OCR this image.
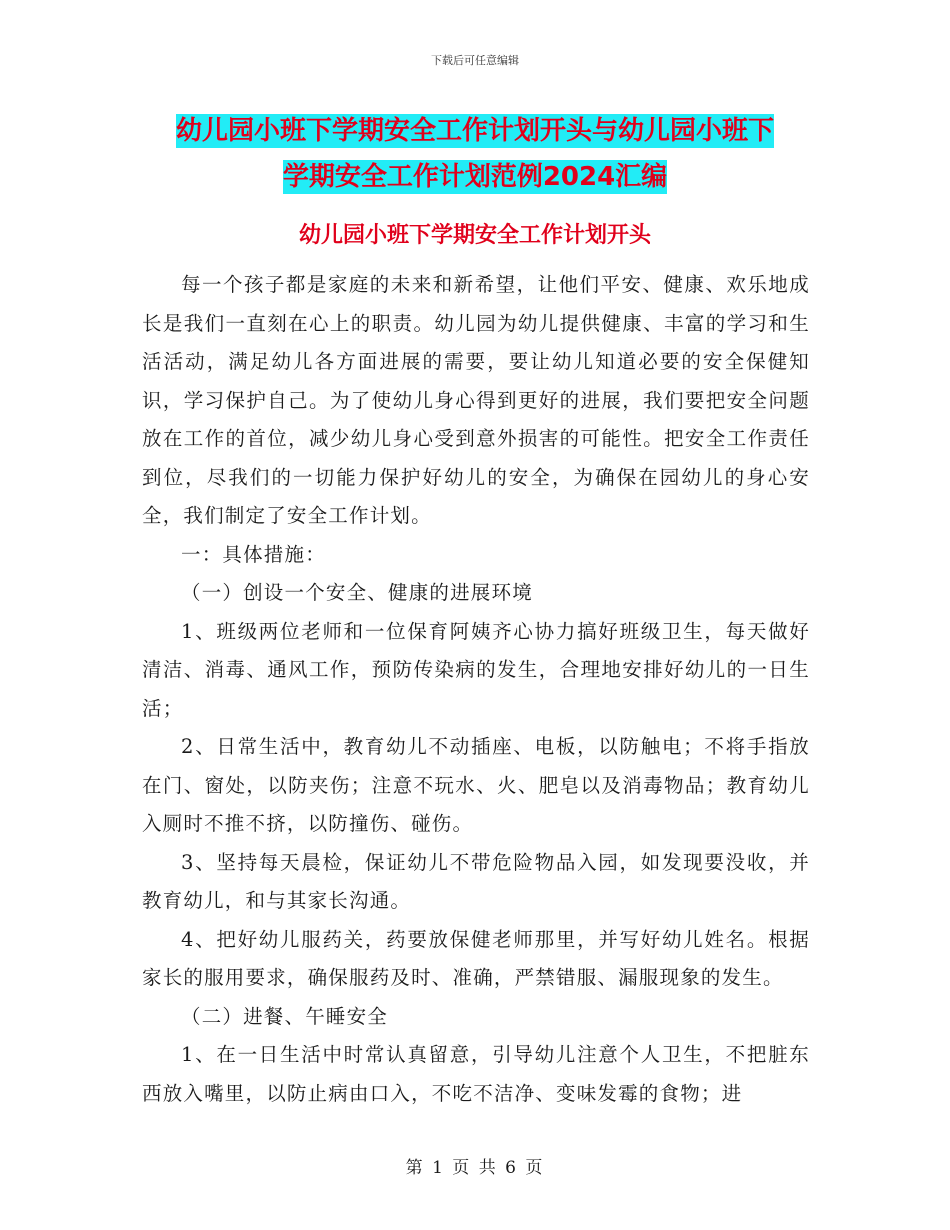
下载后可任意编辑
幼儿园小班下学期安全工作计划开头与幼儿园小班下
学期安全工作计划范例2024汇编
幼儿园小班下学期安全工作计划开头

每一个孩子都是家庭的未来和新希望，让他们平安、健康、欢乐地成长是我们一直刻在心上的职责。幼儿园为幼儿提供健康、丰富的学习和生活活动，满足幼儿各方面进展的需要，要让幼儿知道必要的安全保健知识，学习保护自己。为了使幼儿身心得到更好的进展，我们要把安全问题放在工作的首位，减少幼儿身心受到意外损害的可能性。把安全工作责任到位，尽我们的一切能力保护好幼儿的安全，为确保在园幼儿的身心安全，我们制定了安全工作计划。

一：具体措施：

（一）创设一个安全、健康的进展环境

1、班级两位老师和一位保育阿姨齐心协力搞好班级卫生，每天做好清洁、消毒、通风工作，预防传染病的发生，合理地安排好幼儿的一日生活；

2、日常生活中，教育幼儿不动插座、电板，以防触电；不将手指放在门、窗处，以防夹伤；注意不玩水、火、肥皂以及消毒物品；教育幼儿入厕时不推不挤，以防撞伤、碰伤。

3、坚持每天晨检，保证幼儿不带危险物品入园，如发现要没收，并教育幼儿，和与其家长沟通。

4、把好幼儿服药关，药要放保健老师那里，并写好幼儿姓名。根据家长的服用要求，确保服药及时、准确，严禁错服、漏服现象的发生。

（二）进餐、午睡安全

1、在一日生活中时常认真留意，引导幼儿注意个人卫生，不把脏东西放入嘴里，以防止病由口入，不吃不洁净、变味发霉的食物；进

第 1 页 共 6 页
